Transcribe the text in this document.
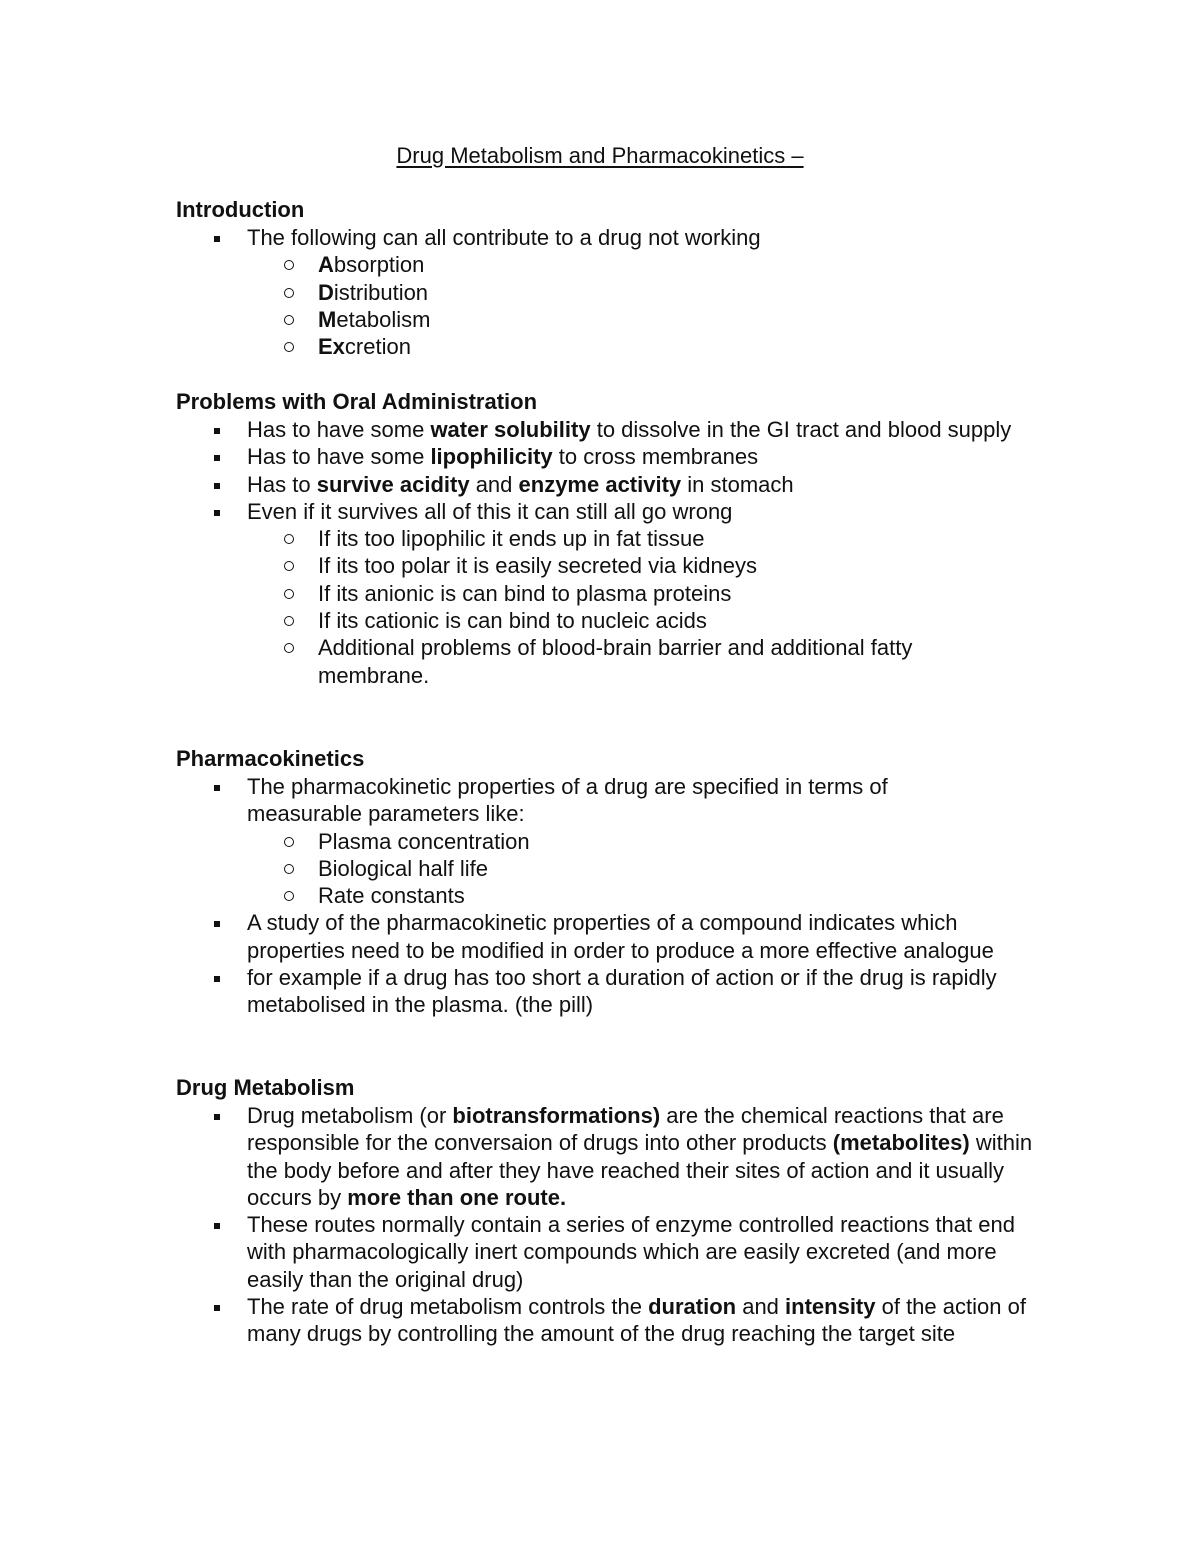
Drug Metabolism and Pharmacokinetics –
Introduction
The following can all contribute to a drug not working
Absorption
Distribution
Metabolism
Excretion
Problems with Oral Administration
Has to have some water solubility to dissolve in the GI tract and blood supply
Has to have some lipophilicity to cross membranes
Has to survive acidity and enzyme activity in stomach
Even if it survives all of this it can still all go wrong
If its too lipophilic it ends up in fat tissue
If its too polar it is easily secreted via kidneys
If its anionic is can bind to plasma proteins
If its cationic is can bind to nucleic acids
Additional problems of blood-brain barrier and additional fatty membrane.
Pharmacokinetics
The pharmacokinetic properties of a drug are specified in terms of measurable parameters like:
Plasma concentration
Biological half life
Rate constants
A study of the pharmacokinetic properties of a compound indicates which properties need to be modified in order to produce a more effective analogue
for example if a drug has too short a duration of action or if the drug is rapidly metabolised in the plasma. (the pill)
Drug Metabolism
Drug metabolism (or biotransformations) are the chemical reactions that are responsible for the conversaion of drugs into other products (metabolites) within the body before and after they have reached their sites of action and it usually occurs by more than one route.
These routes normally contain a series of enzyme controlled reactions that end with pharmacologically inert compounds which are easily excreted (and more easily than the original drug)
The rate of drug metabolism controls the duration and intensity of the action of many drugs by controlling the amount of the drug reaching the target site
